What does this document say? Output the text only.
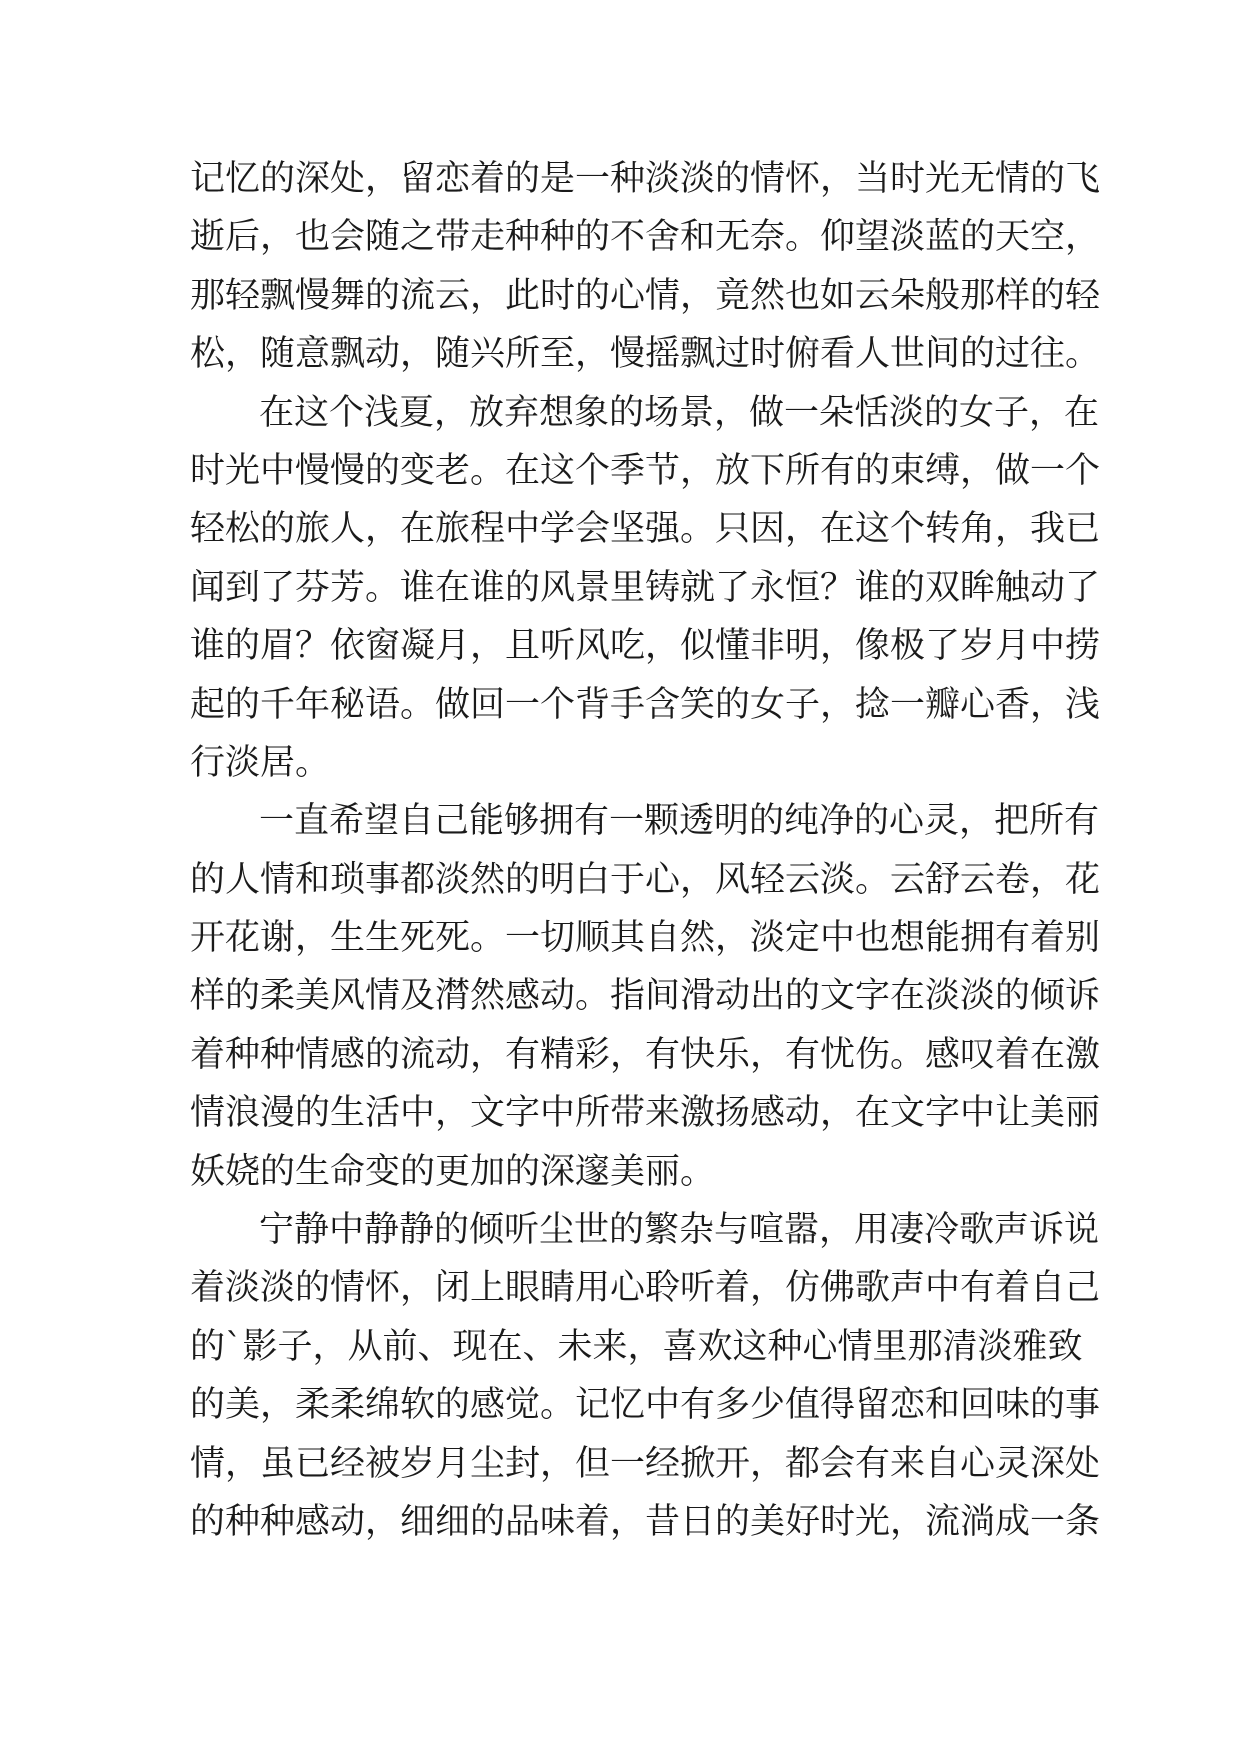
记忆的深处，留恋着的是一种淡淡的情怀，当时光无情的飞
逝后，也会随之带走种种的不舍和无奈。仰望淡蓝的天空，
那轻飘慢舞的流云，此时的心情，竟然也如云朵般那样的轻
松，随意飘动，随兴所至，慢摇飘过时俯看人世间的过往。
在这个浅夏，放弃想象的场景，做一朵恬淡的女子，在
时光中慢慢的变老。在这个季节，放下所有的束缚，做一个
轻松的旅人，在旅程中学会坚强。只因，在这个转角，我已
闻到了芬芳。谁在谁的风景里铸就了永恒？谁的双眸触动了
谁的眉？依窗凝月，且听风吃，似懂非明，像极了岁月中捞
起的千年秘语。做回一个背手含笑的女子，捻一瓣心香，浅
行淡居。
一直希望自己能够拥有一颗透明的纯净的心灵，把所有
的人情和琐事都淡然的明白于心，风轻云淡。云舒云卷，花
开花谢，生生死死。一切顺其自然，淡定中也想能拥有着别
样的柔美风情及潸然感动。指间滑动出的文字在淡淡的倾诉
着种种情感的流动，有精彩，有快乐，有忧伤。感叹着在激
情浪漫的生活中，文字中所带来激扬感动，在文字中让美丽
妖娆的生命变的更加的深邃美丽。
宁静中静静的倾听尘世的繁杂与喧嚣，用凄冷歌声诉说
着淡淡的情怀，闭上眼睛用心聆听着，仿佛歌声中有着自己
的`影子，从前、现在、未来，喜欢这种心情里那清淡雅致
的美，柔柔绵软的感觉。记忆中有多少值得留恋和回味的事
情，虽已经被岁月尘封，但一经掀开，都会有来自心灵深处
的种种感动，细细的品味着，昔日的美好时光，流淌成一条
